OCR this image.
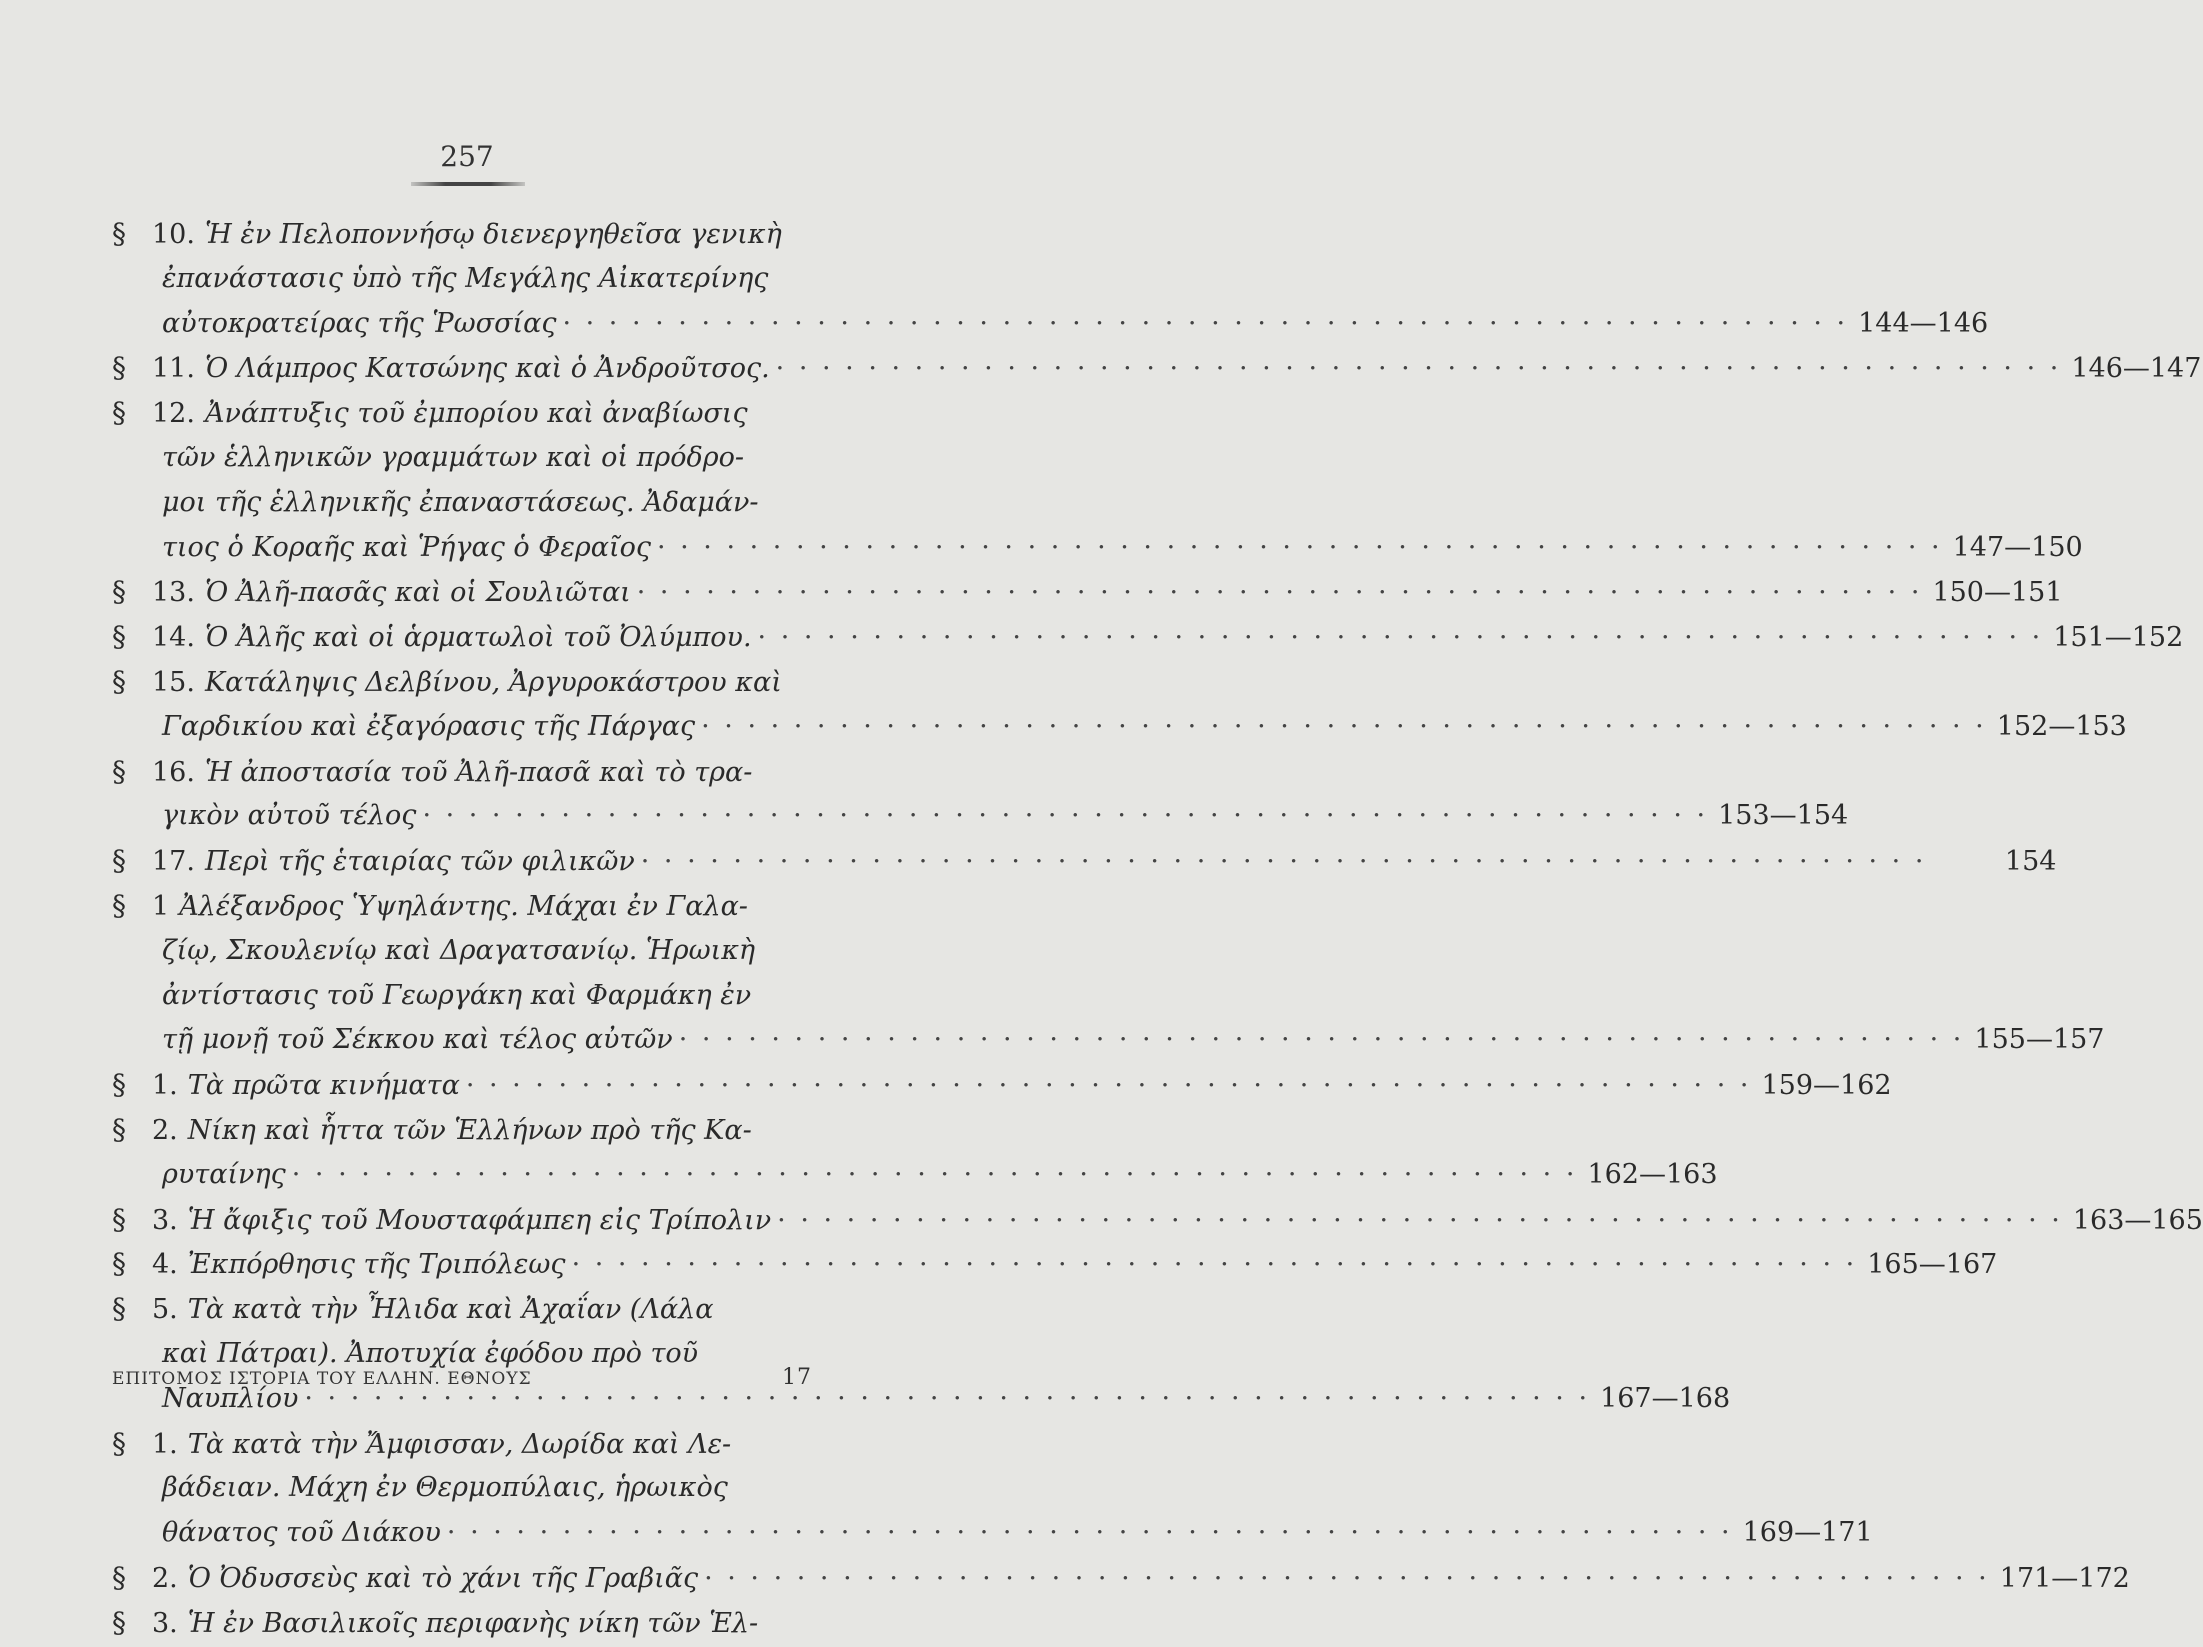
257
§ 10. Ἡ ἐν Πελοποννήσῳ διενεργηθεῖσα γενικὴ
ἐπανάστασις ὑπὸ τῆς Μεγάλης Αἰκατερίνης
αὐτοκρατείρας τῆς Ῥωσσίας · · ·	144—146
§ 11. Ὁ Λάμπρος Κατσώνης καὶ ὁ Ἀνδροῦτσος. · · ·	146—147
§ 12. Ἀνάπτυξις τοῦ ἐμπορίου καὶ ἀναβίωσις
τῶν ἑλληνικῶν γραμμάτων καὶ οἱ πρόδρο-
μοι τῆς ἑλληνικῆς ἐπαναστάσεως. Ἀδαμάν-
τιος ὁ Κοραῆς καὶ Ῥήγας ὁ Φεραῖος · · ·	147—150
§ 13. Ὁ Ἀλῆ-πασᾶς καὶ οἱ Σουλιῶται · · ·	150—151
§ 14. Ὁ Ἀλῆς καὶ οἱ ἁρματωλοὶ τοῦ Ὀλύμπου. · · ·	151—152
§ 15. Κατάληψις Δελβίνου, Ἀργυροκάστρου καὶ
Γαρδικίου καὶ ἐξαγόρασις τῆς Πάργας · · ·	152—153
§ 16. Ἡ ἀποστασία τοῦ Ἀλῆ-πασᾶ καὶ τὸ τρα-
γικὸν αὐτοῦ τέλος · · ·	153—154
§ 17. Περὶ τῆς ἑταιρίας τῶν φιλικῶν · · ·	154
§ 1 Ἀλέξανδρος Ὑψηλάντης. Μάχαι ἐν Γαλα-
ζίῳ, Σκουλενίῳ καὶ Δραγατσανίῳ. Ἡρωικὴ
ἀντίστασις τοῦ Γεωργάκη καὶ Φαρμάκη ἐν
τῇ μονῇ τοῦ Σέκκου καὶ τέλος αὐτῶν · · ·	155—157
§ 1. Τὰ πρῶτα κινήματα · · ·	159—162
§ 2. Νίκη καὶ ἧττα τῶν Ἑλλήνων πρὸ τῆς Κα-
ρυταίνης · · ·	162—163
§ 3. Ἡ ἄφιξις τοῦ Μουσταφάμπεη εἰς Τρίπολιν · · ·	163—165
§ 4. Ἐκπόρθησις τῆς Τριπόλεως · · ·	165—167
§ 5. Τὰ κατὰ τὴν Ἦλιδα καὶ Ἀχαΐαν (Λάλα
καὶ Πάτραι). Ἀποτυχία ἐφόδου πρὸ τοῦ
Ναυπλίου · · ·	167—168
§ 1. Τὰ κατὰ τὴν Ἄμφισσαν, Δωρίδα καὶ Λε-
βάδειαν. Μάχη ἐν Θερμοπύλαις, ἡρωικὸς
θάνατος τοῦ Διάκου · · ·	169—171
§ 2. Ὁ Ὀδυσσεὺς καὶ τὸ χάνι τῆς Γραβιᾶς · · ·	171—172
§ 3. Ἡ ἐν Βασιλικοῖς περιφανὴς νίκη τῶν Ἑλ-
ΕΠΙΤΟΜΟΣ ΙΣΤΟΡΙΑ ΤΟΥ ΕΛΛΗΝ. ΕΘΝΟΥΣ	17
